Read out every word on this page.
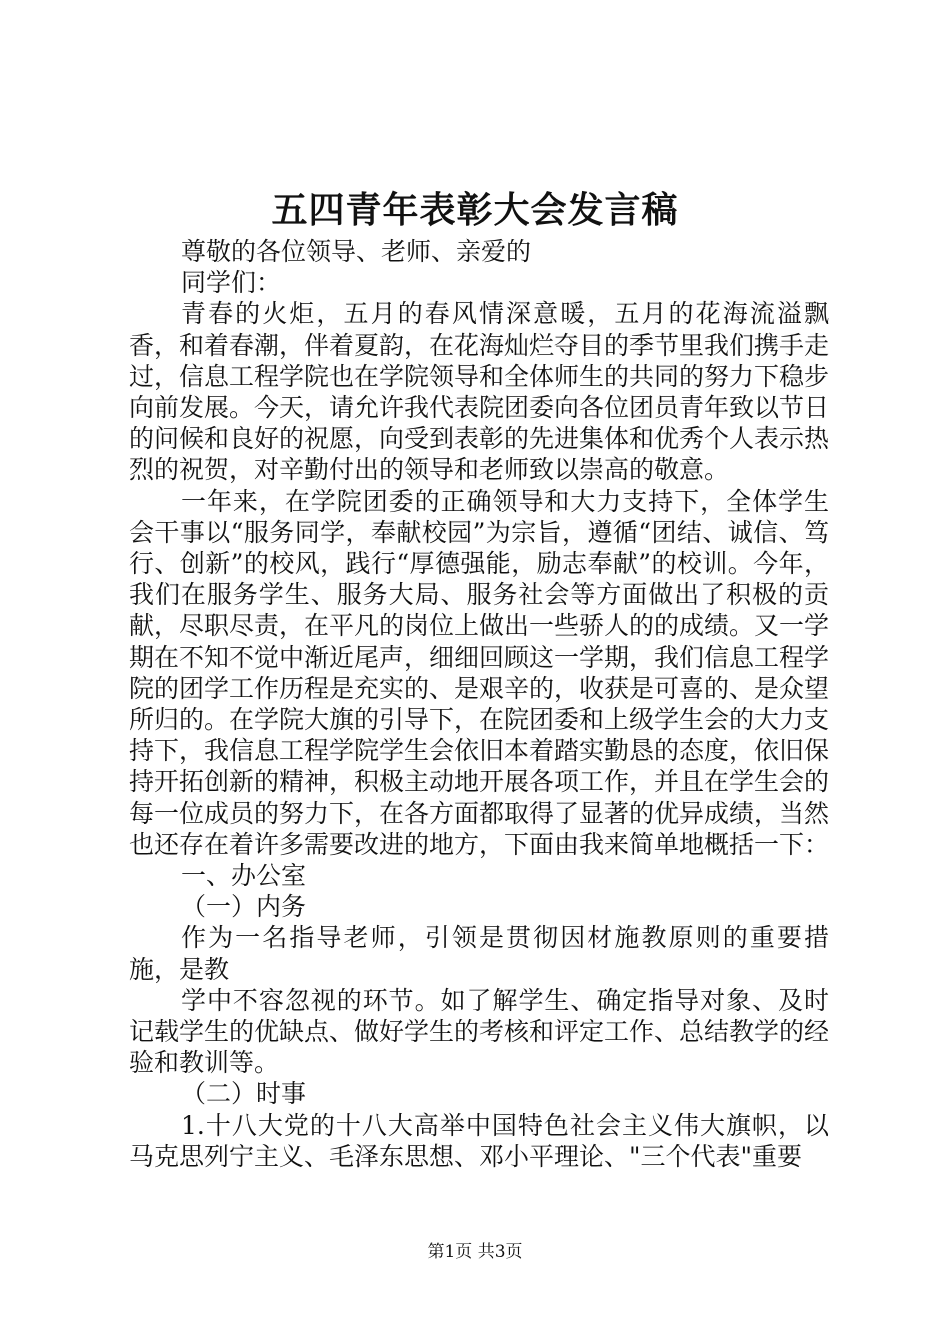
五四青年表彰大会发言稿

尊敬的各位领导、老师、亲爱的

同学们：

青春的火炬，五月的春风情深意暖，五月的花海流溢飘香，和着春潮，伴着夏韵，在花海灿烂夺目的季节里我们携手走过，信息工程学院也在学院领导和全体师生的共同的努力下稳步向前发展。今天，请允许我代表院团委向各位团员青年致以节日的问候和良好的祝愿，向受到表彰的先进集体和优秀个人表示热烈的祝贺，对辛勤付出的领导和老师致以崇高的敬意。

一年来，在学院团委的正确领导和大力支持下，全体学生会干事以“服务同学，奉献校园”为宗旨，遵循“团结、诚信、笃行、创新”的校风，践行“厚德强能，励志奉献”的校训。今年，我们在服务学生、服务大局、服务社会等方面做出了积极的贡献，尽职尽责，在平凡的岗位上做出一些骄人的的成绩。又一学期在不知不觉中渐近尾声，细细回顾这一学期，我们信息工程学院的团学工作历程是充实的、是艰辛的，收获是可喜的、是众望所归的。在学院大旗的引导下，在院团委和上级学生会的大力支持下，我信息工程学院学生会依旧本着踏实勤恳的态度，依旧保持开拓创新的精神，积极主动地开展各项工作，并且在学生会的每一位成员的努力下，在各方面都取得了显著的优异成绩，当然也还存在着许多需要改进的地方，下面由我来简单地概括一下：

一、办公室

（一）内务

作为一名指导老师，引领是贯彻因材施教原则的重要措施，是教

学中不容忽视的环节。如了解学生、确定指导对象、及时记载学生的优缺点、做好学生的考核和评定工作、总结教学的经验和教训等。

（二）时事

1.十八大党的十八大高举中国特色社会主义伟大旗帜，以马克思列宁主义、毛泽东思想、邓小平理论、"三个代表"重要

第1页 共3页
